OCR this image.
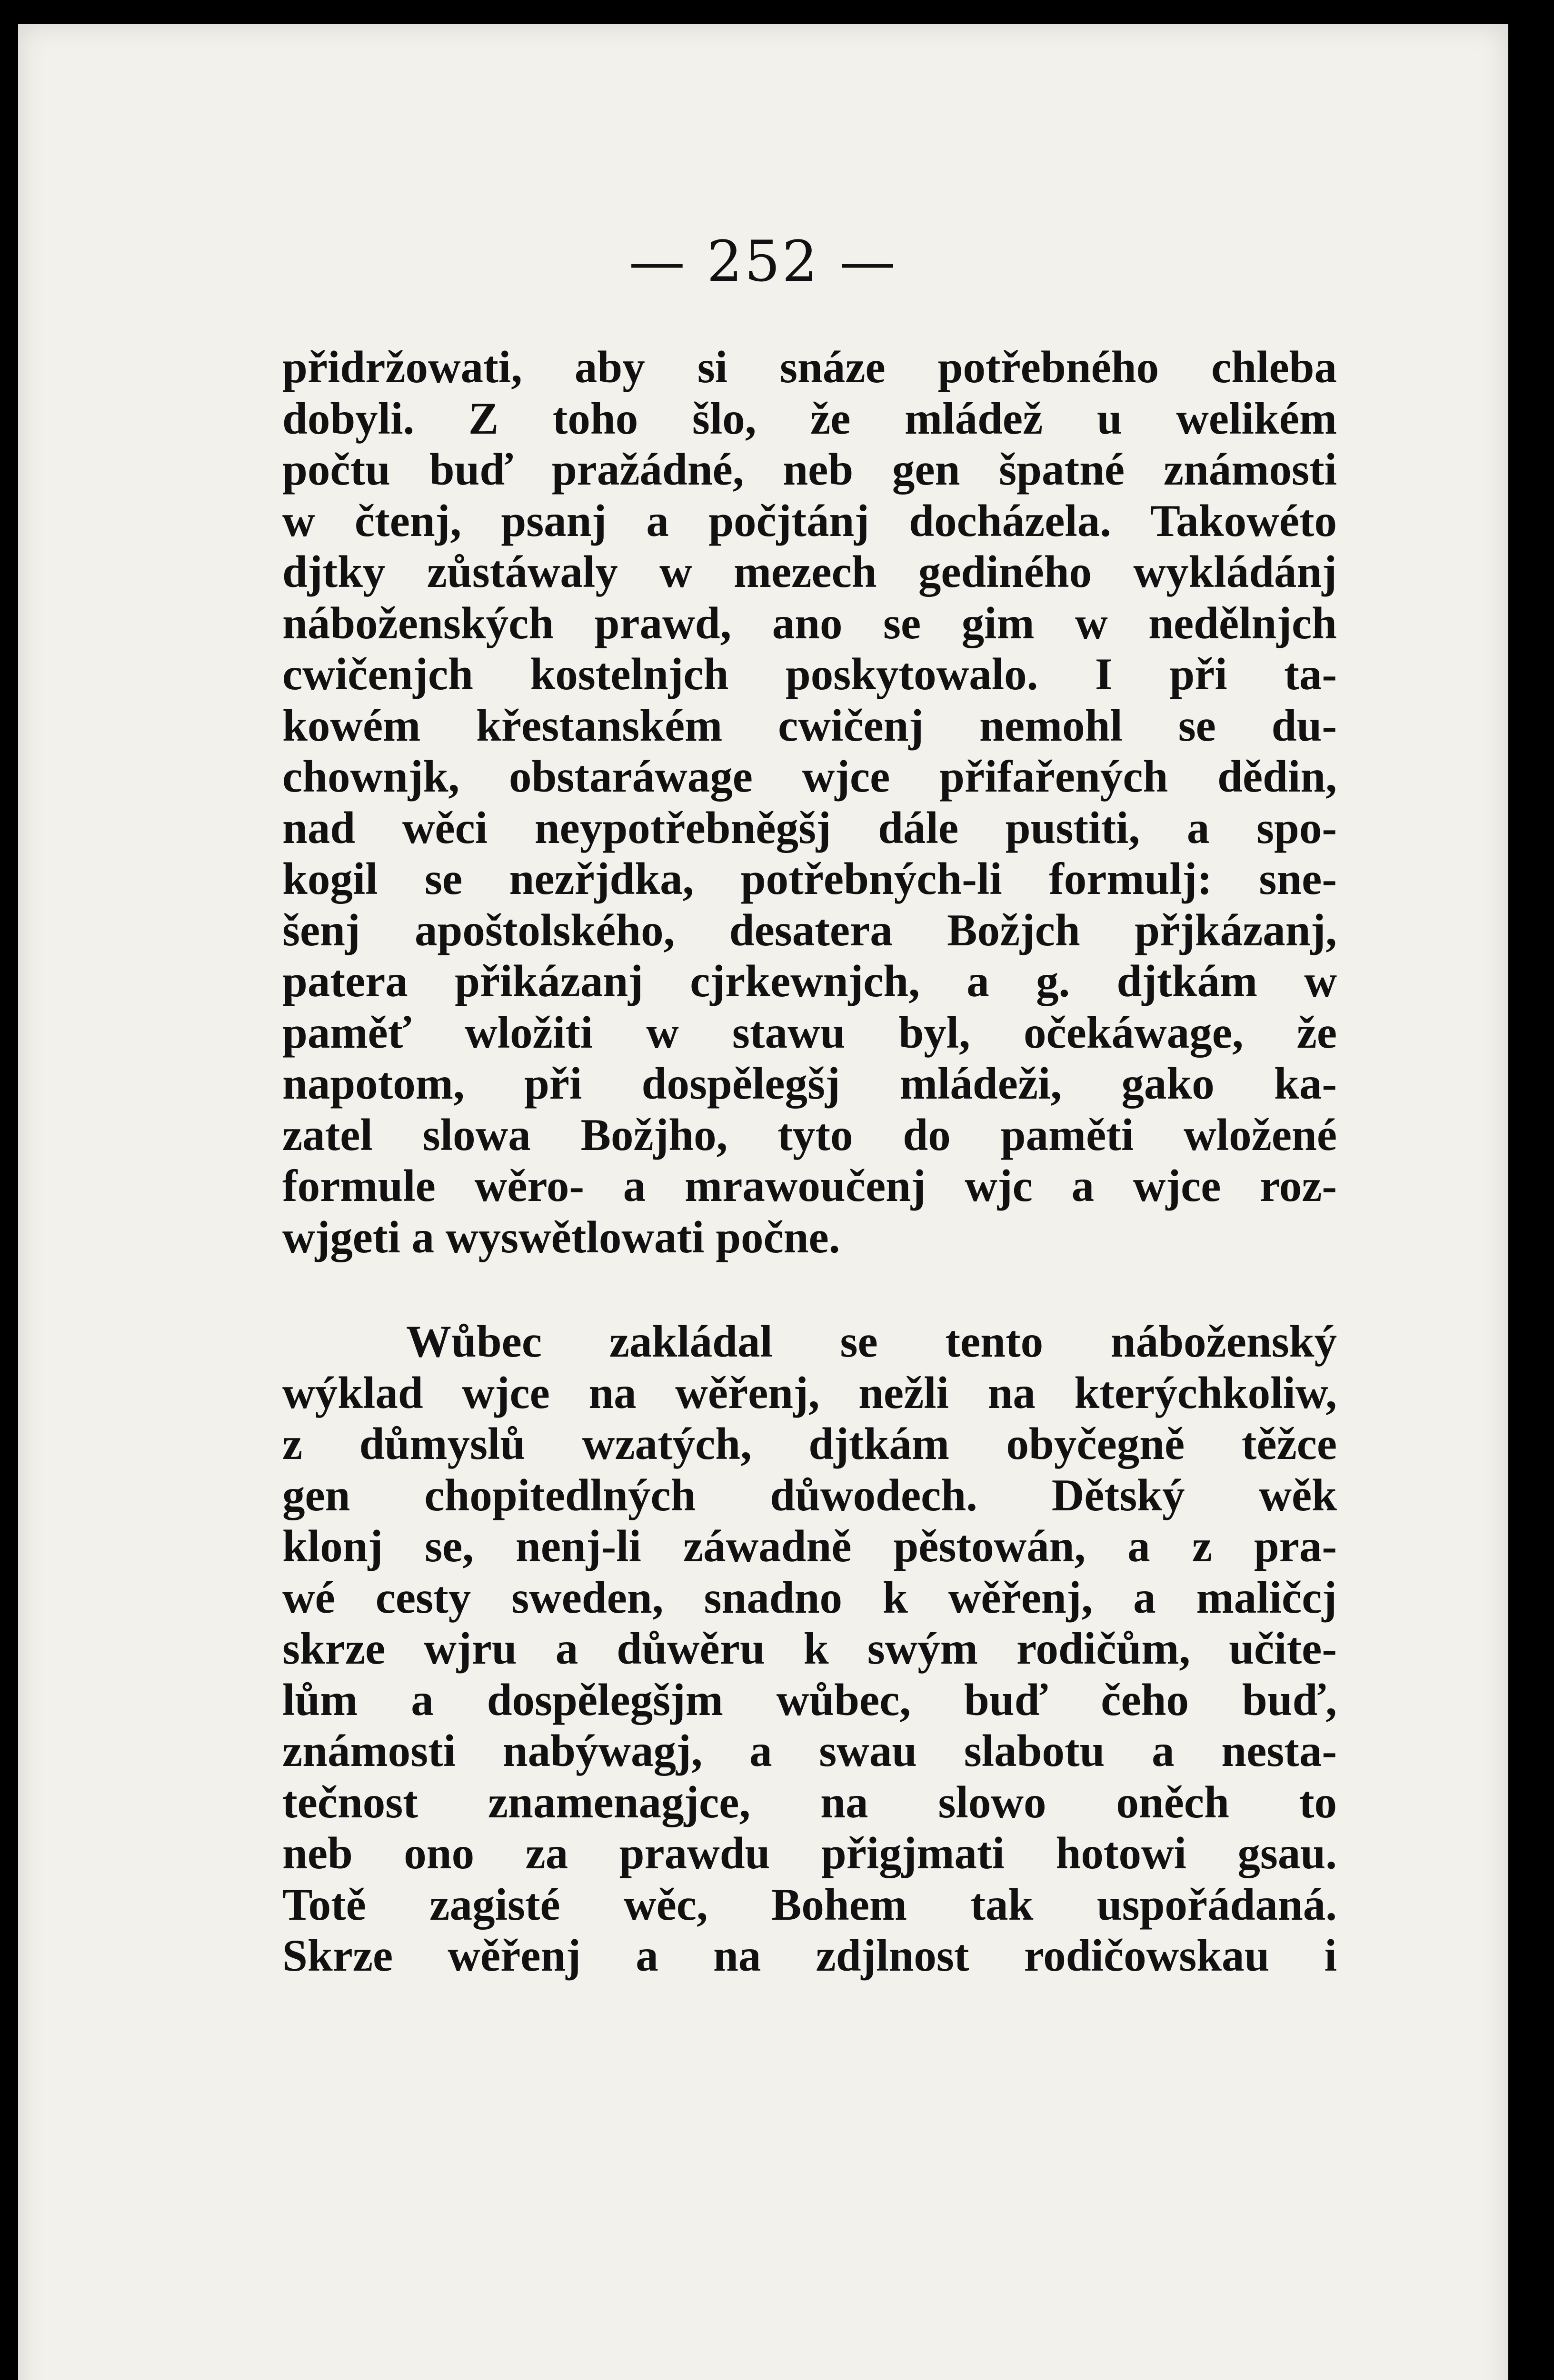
— 252 —
přidržowati, aby si snáze potřebného chleba
dobyli. Z toho šlo, že mládež u welikém
počtu buď pražádné, neb gen špatné známosti
w čtenj, psanj a počjtánj docházela. Takowéto
djtky zůstáwaly w mezech gediného wykládánj
náboženských prawd, ano se gim w nedělnjch
cwičenjch kostelnjch poskytowalo. I při ta-
kowém křestanském cwičenj nemohl se du-
chownjk, obstaráwage wjce přifařených dědin,
nad wěci neypotřebněgšj dále pustiti, a spo-
kogil se nezřjdka, potřebných-li formulj: sne-
šenj apoštolského, desatera Božjch přjkázanj,
patera přikázanj cjrkewnjch, a g. djtkám w
paměť wložiti w stawu byl, očekáwage, že
napotom, při dospělegšj mládeži, gako ka-
zatel slowa Božjho, tyto do paměti wložené
formule wěro- a mrawoučenj wjc a wjce roz-
wjgeti a wyswětlowati počne.
Wůbec zakládal se tento náboženský
wýklad wjce na wěřenj, nežli na kterýchkoliw,
z důmyslů wzatých, djtkám obyčegně těžce
gen chopitedlných důwodech. Dětský wěk
klonj se, nenj-li záwadně pěstowán, a z pra-
wé cesty sweden, snadno k wěřenj, a maličcj
skrze wjru a důwěru k swým rodičům, učite-
lům a dospělegšjm wůbec, buď čeho buď,
známosti nabýwagj, a swau slabotu a nesta-
tečnost znamenagjce, na slowo oněch to
neb ono za prawdu přigjmati hotowi gsau.
Totě zagisté wěc, Bohem tak uspořádaná.
Skrze wěřenj a na zdjlnost rodičowskau i
